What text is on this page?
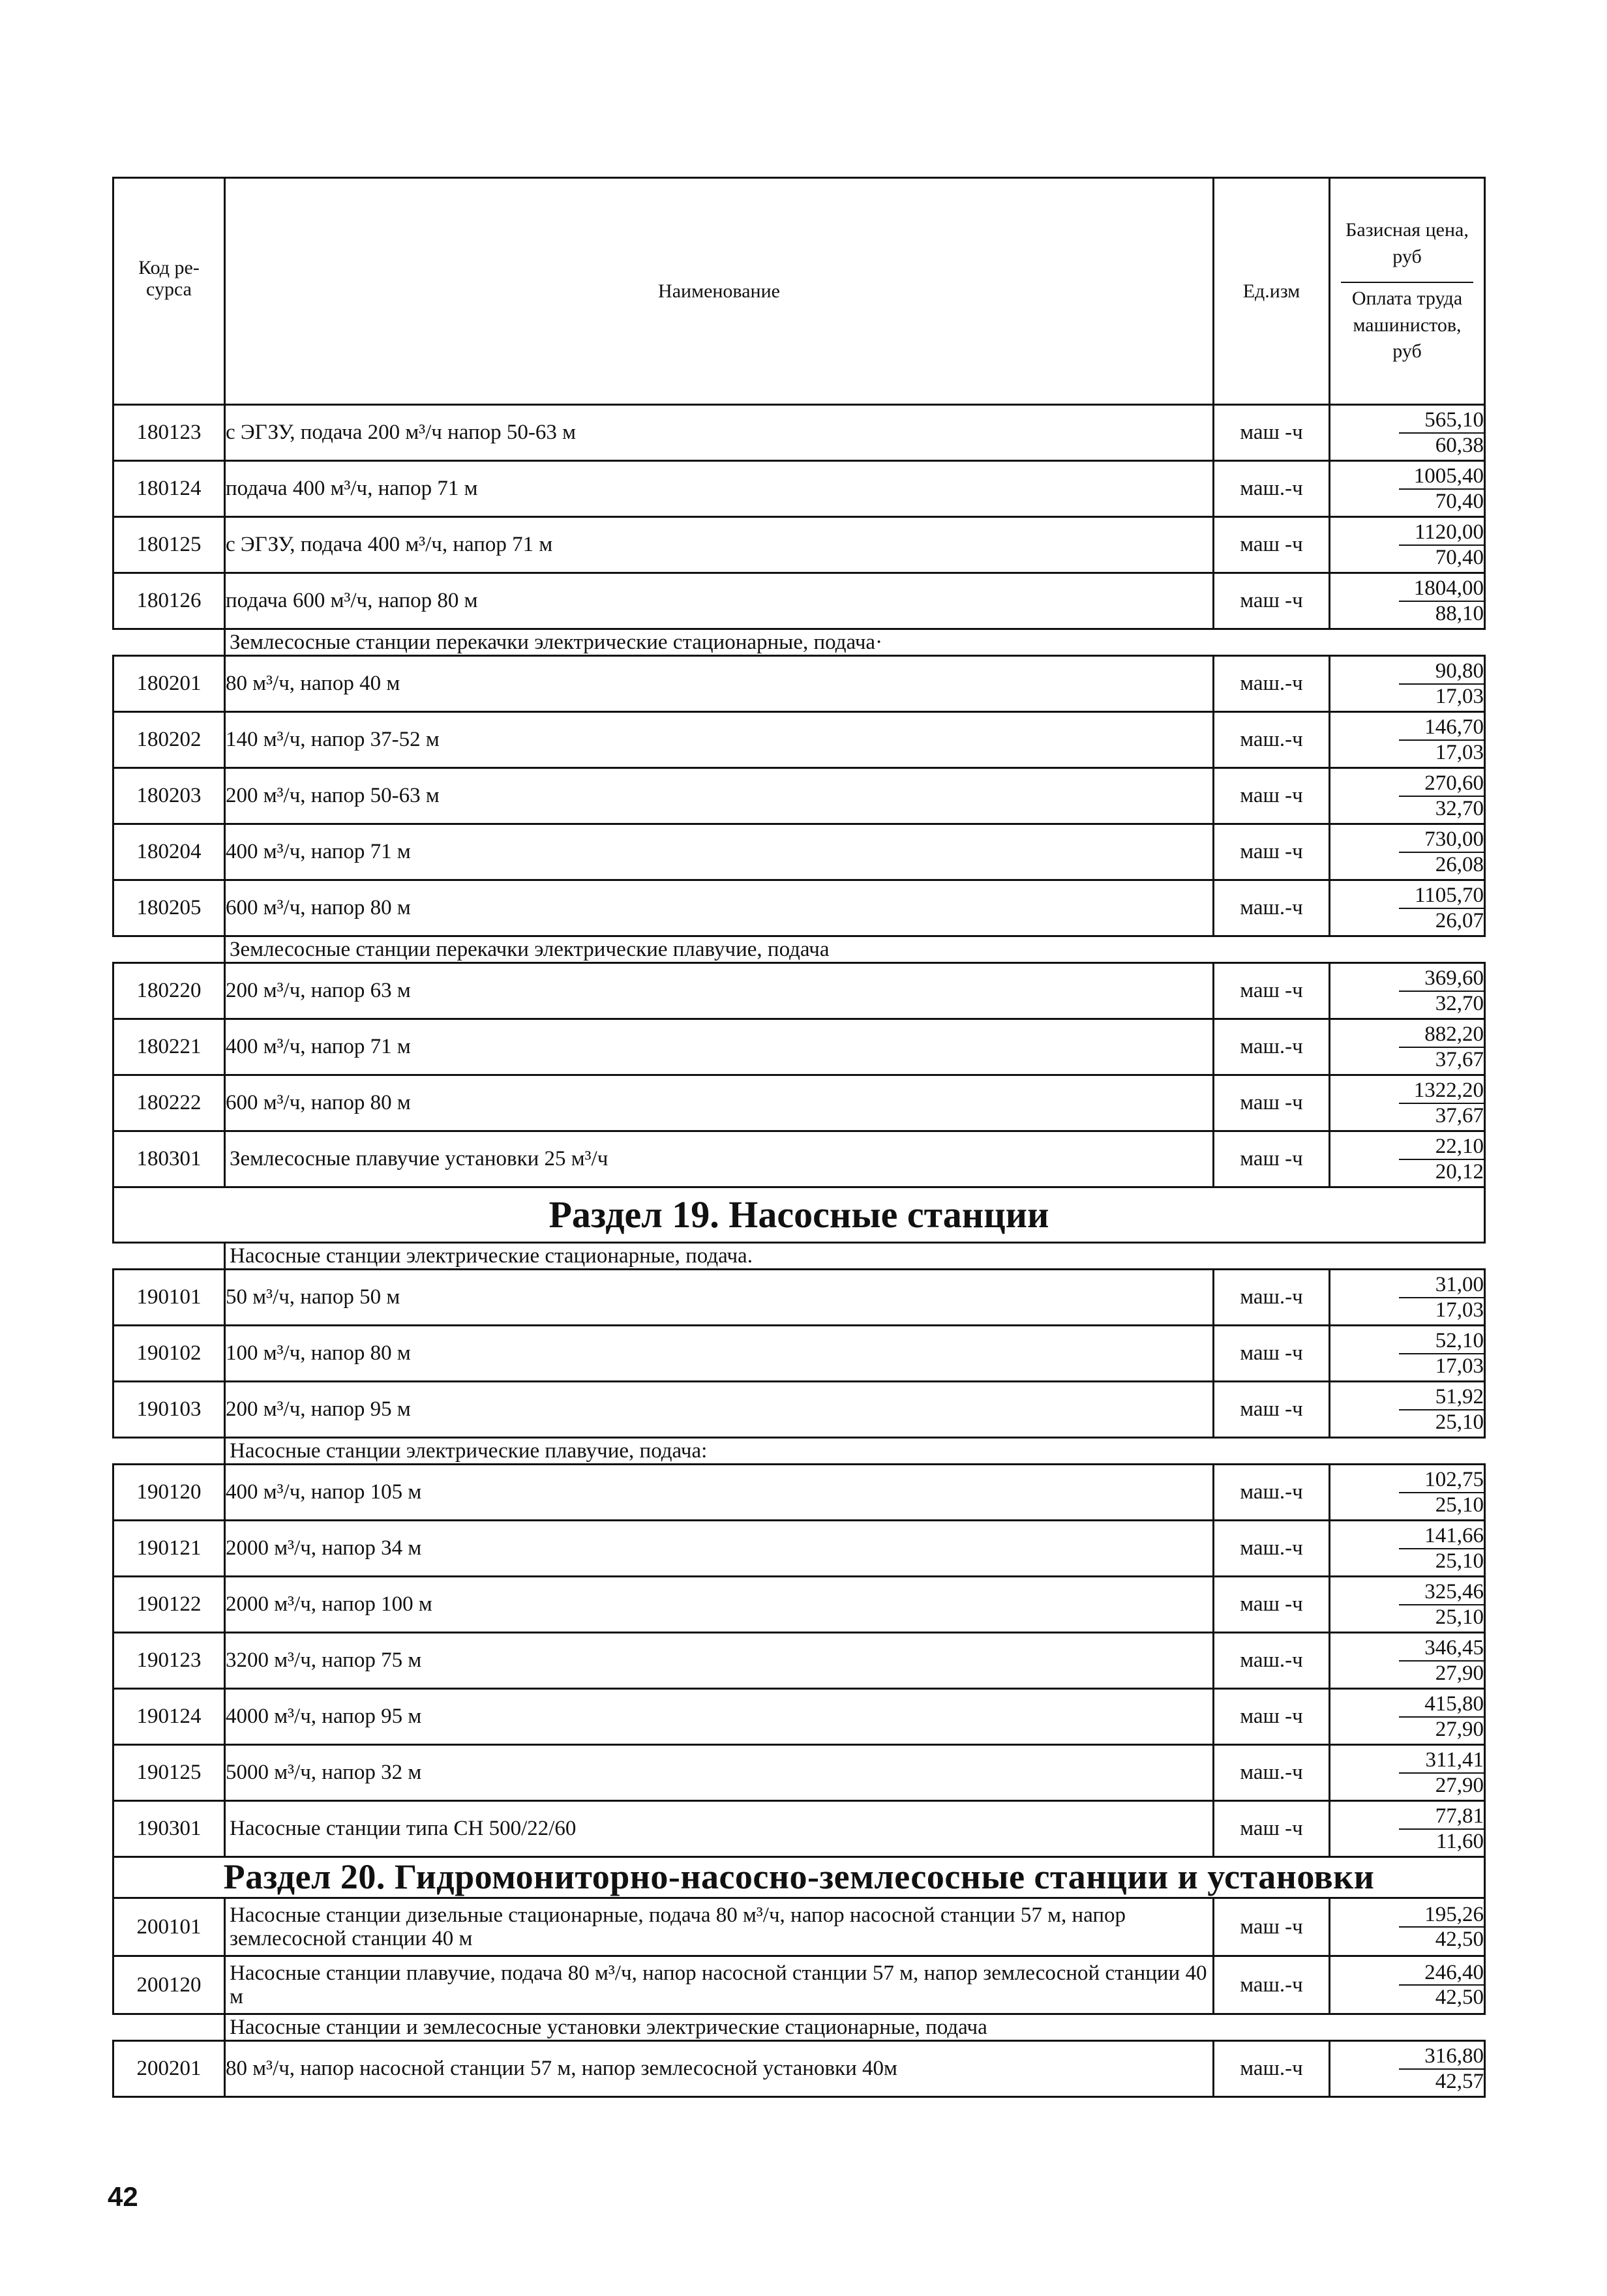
Код ре-
сурса	Наименование	Ед.изм	Базисная цена, руб
Оплата труда машинистов, руб

180123	с ЭГЗУ, подача 200 м³/ч напор 50-63 м	маш -ч	565,10
60,38

180124	подача 400 м³/ч, напор 71 м	маш.-ч	1005,40
70,40

180125	с ЭГЗУ, подача 400 м³/ч, напор 71 м	маш -ч	1120,00
70,40

180126	подача 600 м³/ч, напор 80 м	маш -ч	1804,00
88,10

	Землесосные станции перекачки электрические стационарные, подача·		
180201	80 м³/ч, напор 40 м	маш.-ч	90,80
17,03

180202	140 м³/ч, напор 37-52 м	маш.-ч	146,70
17,03

180203	200 м³/ч, напор 50-63 м	маш -ч	270,60
32,70

180204	400 м³/ч, напор 71 м	маш -ч	730,00
26,08

180205	600 м³/ч, напор 80 м	маш.-ч	1105,70
26,07

	Землесосные станции перекачки электрические плавучие, подача		
180220	200 м³/ч, напор 63 м	маш -ч	369,60
32,70

180221	400 м³/ч, напор 71 м	маш.-ч	882,20
37,67

180222	600 м³/ч, напор 80 м	маш -ч	1322,20
37,67

180301	Землесосные плавучие установки 25 м³/ч	маш -ч	22,10
20,12

Раздел 19. Насосные станции			
	Насосные станции электрические стационарные, подача.		
190101	50 м³/ч, напор 50 м	маш.-ч	31,00
17,03

190102	100 м³/ч, напор 80 м	маш -ч	52,10
17,03

190103	200 м³/ч, напор 95 м	маш -ч	51,92
25,10

	Насосные станции электрические плавучие, подача:		
190120	400 м³/ч, напор 105 м	маш.-ч	102,75
25,10

190121	2000 м³/ч, напор 34 м	маш.-ч	141,66
25,10

190122	2000 м³/ч, напор 100 м	маш -ч	325,46
25,10

190123	3200 м³/ч, напор 75 м	маш.-ч	346,45
27,90

190124	4000 м³/ч, напор 95 м	маш -ч	415,80
27,90

190125	5000 м³/ч, напор 32 м	маш.-ч	311,41
27,90

190301	Насосные станции типа СН 500/22/60	маш -ч	77,81
11,60

Раздел 20. Гидромониторно-насосно-землесосные станции и установки			
200101	Насосные станции дизельные стационарные, подача 80 м³/ч, напор насосной станции 57 м, напор землесосной станции 40 м	маш -ч	195,26
42,50

200120	Насосные станции плавучие, подача 80 м³/ч, напор насосной станции 57 м, напор землесосной станции 40 м	маш.-ч	246,40
42,50

	Насосные станции и землесосные установки электрические стационарные, подача		
200201	80 м³/ч, напор насосной станции 57 м, напор землесосной установки 40м	маш.-ч	316,80
42,57
42
